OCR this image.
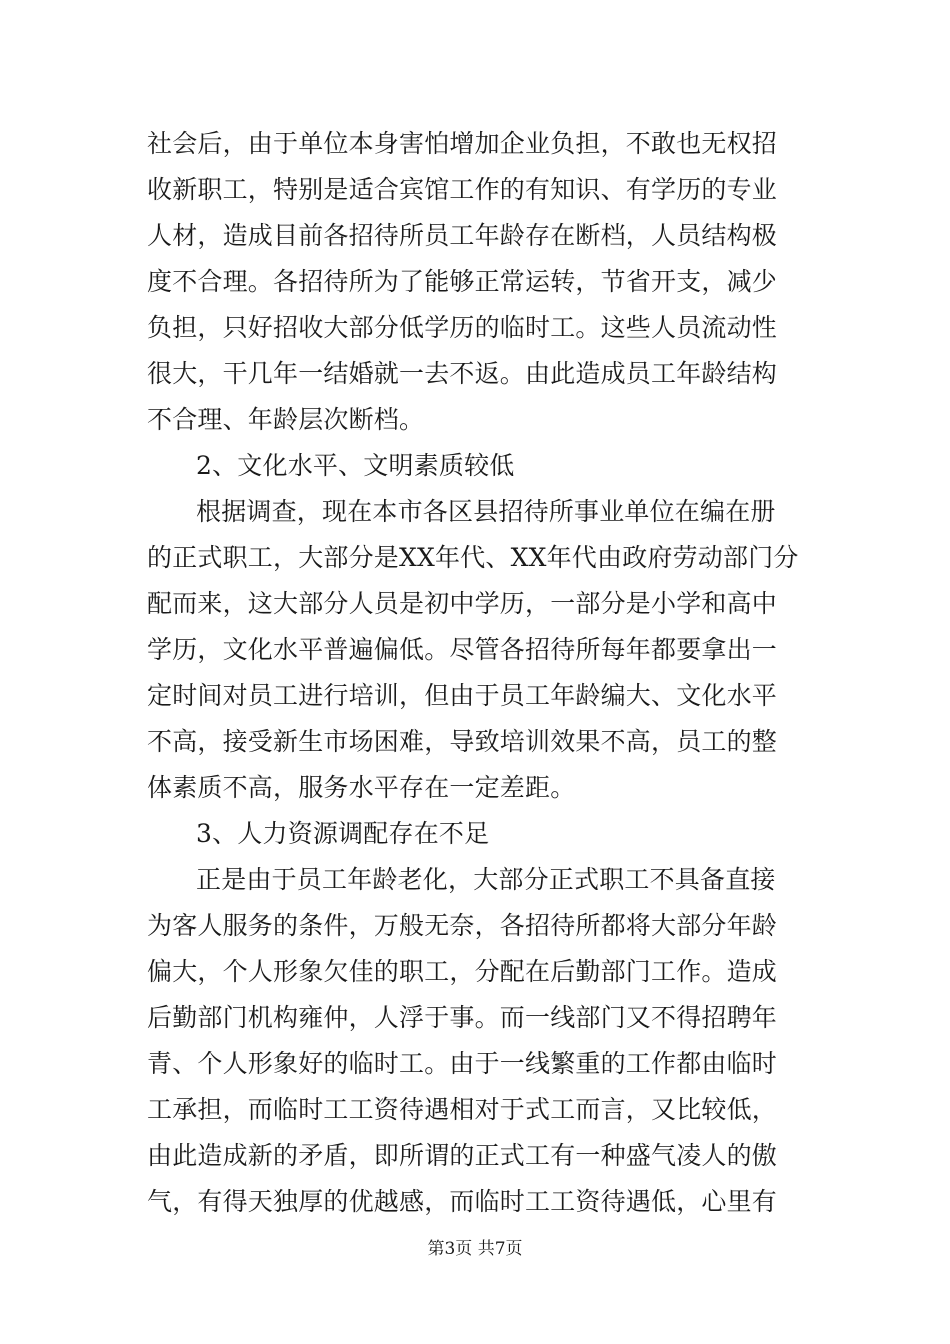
社会后，由于单位本身害怕增加企业负担，不敢也无权招
收新职工，特别是适合宾馆工作的有知识、有学历的专业
人材，造成目前各招待所员工年龄存在断档，人员结构极
度不合理。各招待所为了能够正常运转，节省开支，减少
负担，只好招收大部分低学历的临时工。这些人员流动性
很大，干几年一结婚就一去不返。由此造成员工年龄结构
不合理、年龄层次断档。
2、文化水平、文明素质较低
根据调查，现在本市各区县招待所事业单位在编在册
的正式职工，大部分是XX年代、XX年代由政府劳动部门分
配而来，这大部分人员是初中学历，一部分是小学和高中
学历，文化水平普遍偏低。尽管各招待所每年都要拿出一
定时间对员工进行培训，但由于员工年龄编大、文化水平
不高，接受新生市场困难，导致培训效果不高，员工的整
体素质不高，服务水平存在一定差距。
3、人力资源调配存在不足
正是由于员工年龄老化，大部分正式职工不具备直接
为客人服务的条件，万般无奈，各招待所都将大部分年龄
偏大，个人形象欠佳的职工，分配在后勤部门工作。造成
后勤部门机构雍仲，人浮于事。而一线部门又不得招聘年
青、个人形象好的临时工。由于一线繁重的工作都由临时
工承担，而临时工工资待遇相对于式工而言，又比较低，
由此造成新的矛盾，即所谓的正式工有一种盛气凌人的傲
气，有得天独厚的优越感，而临时工工资待遇低，心里有
第3页 共7页
